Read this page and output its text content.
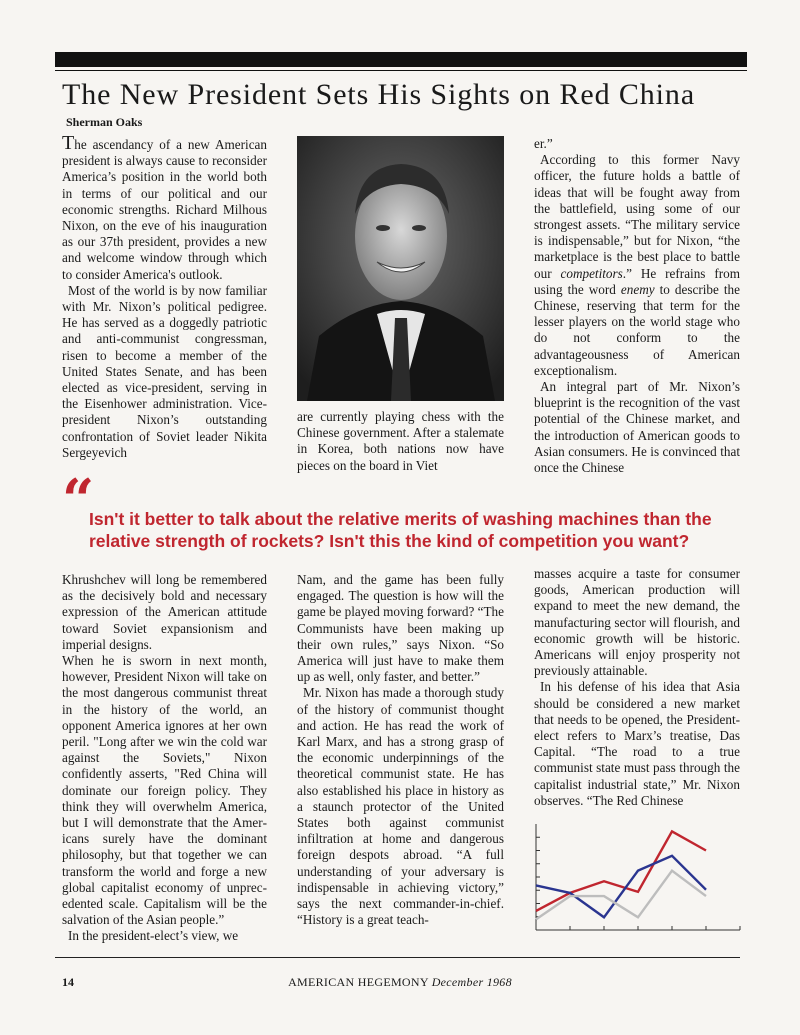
The New President Sets His Sights on Red China
Sherman Oaks

The ascendancy of a new American president is always cause to reconsider America’s position in the world both in terms of our political and our economic strengths. Richard Milhous Nixon, on the eve of his inauguration as our 37th president, provides a new and welcome window through which to consider America's outlook.

Most of the world is by now familiar with Mr. Nixon’s political pedigree. He has served as a doggedly patriotic and anti-communist congressman, risen to become a member of the United States Senate, and has been elected as vice-president, serving in the Eisenhower administration. Vice-president Nixon’s outstanding confrontation of Soviet leader Nikita Sergeyevich

are currently playing chess with the Chinese government. After a stalemate in Korea, both nations now have pieces on the board in Viet

er.”

According to this former Navy officer, the future holds a battle of ideas that will be fought away from the battlefield, using some of our strongest assets. “The military service is indispensable,” but for Nixon, “the marketplace is the best place to battle our competitors.” He refrains from using the word enemy to describe the Chinese, reserving that term for the lesser players on the world stage who do not conform to the advantageousness of American exceptionalism.

An integral part of Mr. Nixon’s blueprint is the recognition of the vast potential of the Chinese market, and the introduction of American goods to Asian consumers. He is convinced that once the Chinese

“
Isn't it better to talk about the relative merits of washing machines than the relative strength of rockets? Isn't this the kind of competition you want?

Khrushchev will long be remembered as the decisively bold and necessary expression of the American attitude toward Soviet expansionism and imperial designs.

When he is sworn in next month, however, President Nixon will take on the most dangerous communist threat in the history of the world, an opponent America ignores at her own peril. "Long after we win the cold war against the Soviets," Nixon confidently asserts, "Red China will dominate our foreign policy. They think they will overwhelm America, but I will demonstrate that the Americans surely have the dominant philosophy, but that together we can transform the world and forge a new global capitalist economy of unprecedented scale. Capitalism will be the salvation of the Asian people.”

In the president-elect’s view, we

Nam, and the game has been fully engaged. The question is how will the game be played moving forward? “The Communists have been making up their own rules,” says Nixon. “So America will just have to make them up as well, only faster, and better.”

Mr. Nixon has made a thorough study of the history of communist thought and action. He has read the work of Karl Marx, and has a strong grasp of the economic underpinnings of the theoretical communist state. He has also established his place in history as a staunch protector of the United States both against communist infiltration at home and dangerous foreign despots abroad. “A full understanding of your adversary is indispensable in achieving victory,” says the next commander-in-chief. “History is a great teach-

masses acquire a taste for consumer goods, American production will expand to meet the new demand, the manufacturing sector will flourish, and economic growth will be historic. Americans will enjoy prosperity not previously attainable.

In his defense of his idea that Asia should be considered a new market that needs to be opened, the President-elect refers to Marx’s treatise, Das Capital. “The road to a true communist state must pass through the capitalist industrial state,” Mr. Nixon observes. “The Red Chinese

14	AMERICAN HEGEMONY December 1968
